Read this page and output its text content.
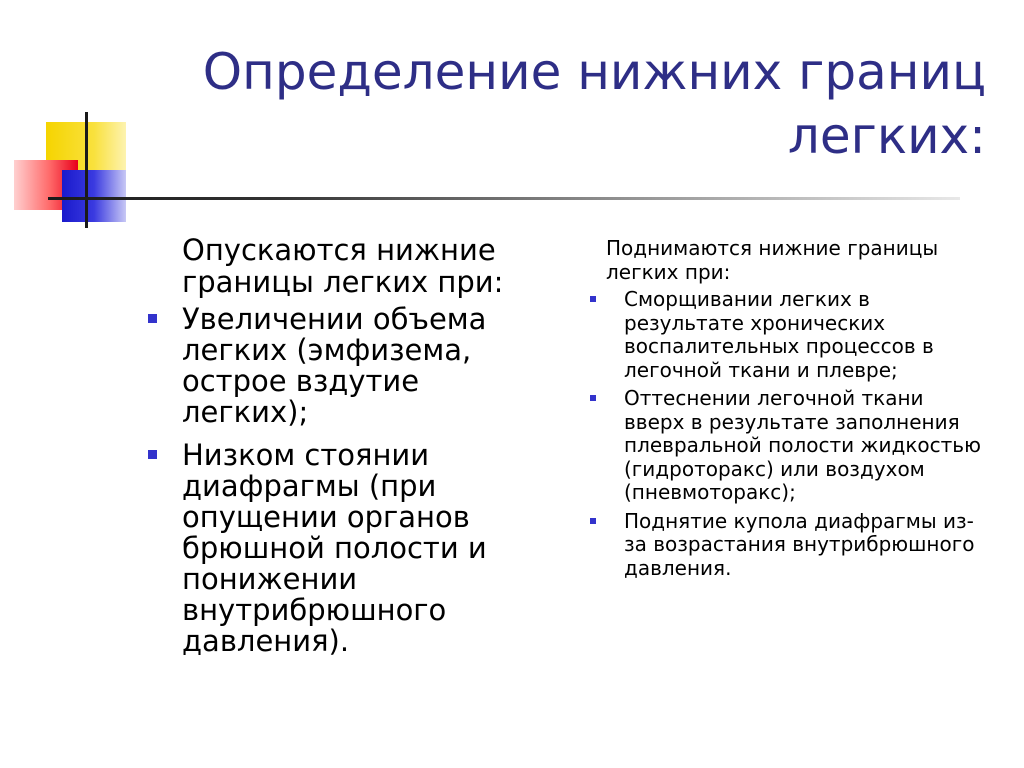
Определение нижних границ легких:

Опускаются нижние границы легких при:

Увеличении объема легких (эмфизема, острое вздутие легких);
Низком стоянии диафрагмы (при опущении органов брюшной полости и понижении внутрибрюшного давления).

Поднимаются нижние границы легких при:

Сморщивании легких в результате хронических воспалительных процессов в легочной ткани и плевре;
Оттеснении легочной ткани вверх в результате заполнения плевральной полости жидкостью (гидроторакс) или воздухом (пневмоторакс);
Поднятие купола диафрагмы из-за возрастания внутрибрюшного давления.
